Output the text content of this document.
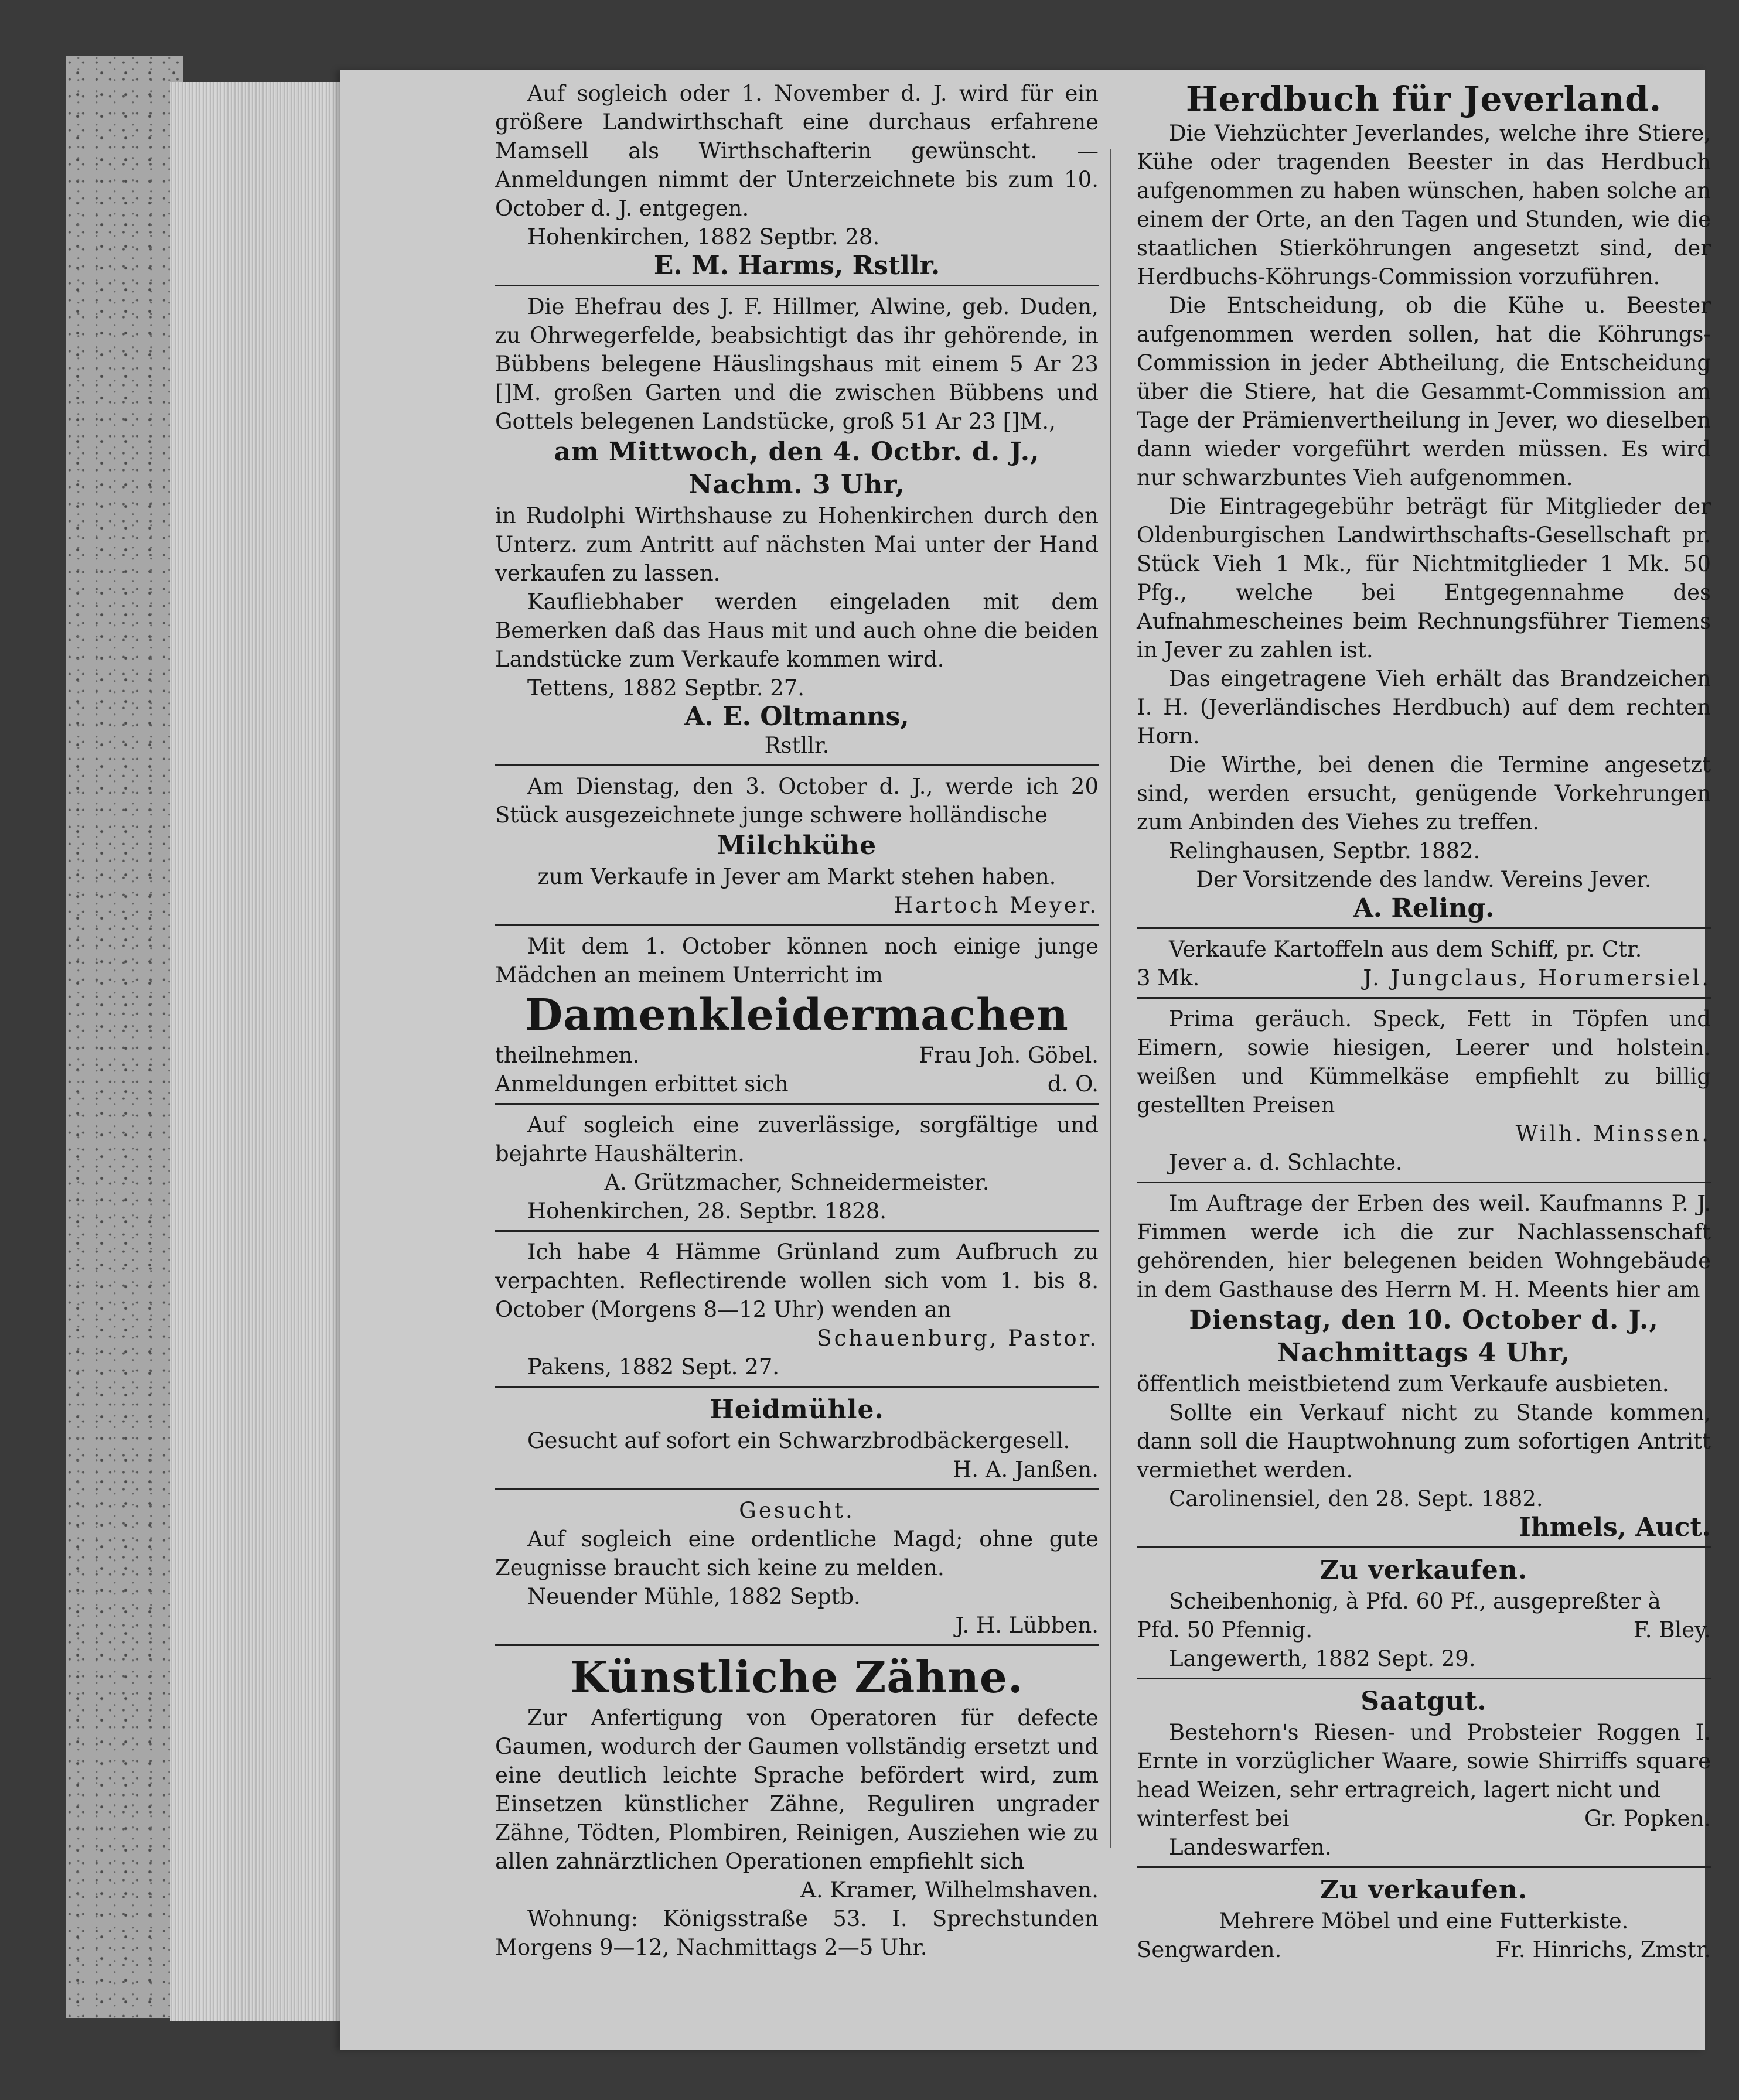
Auf sogleich oder 1. November d. J. wird für ein größere Landwirthschaft eine durchaus erfahrene Mamsell als Wirthschafterin gewünscht. — Anmeldungen nimmt der Unterzeichnete bis zum 10. October d. J. entgegen.

Hohenkirchen, 1882 Septbr. 28.

E. M. Harms, Rstllr.

Die Ehefrau des J. F. Hillmer, Alwine, geb. Duden, zu Ohrwegerfelde, beabsichtigt das ihr gehörende, in Bübbens belegene Häuslingshaus mit einem 5 Ar 23 []M. großen Garten und die zwischen Bübbens und Gottels belegenen Landstücke, groß 51 Ar 23 []M.,

am Mittwoch, den 4. Octbr. d. J.,

Nachm. 3 Uhr,

in Rudolphi Wirthshause zu Hohenkirchen durch den Unterz. zum Antritt auf nächsten Mai unter der Hand verkaufen zu lassen.

Kaufliebhaber werden eingeladen mit dem Bemerken daß das Haus mit und auch ohne die beiden Landstücke zum Verkaufe kommen wird.

Tettens, 1882 Septbr. 27.

A. E. Oltmanns,

Rstllr.

Am Dienstag, den 3. October d. J., werde ich 20 Stück ausgezeichnete junge schwere holländische

Milchkühe

zum Verkaufe in Jever am Markt stehen haben.

Hartoch Meyer.

Mit dem 1. October können noch einige junge Mädchen an meinem Unterricht im

Damenkleidermachen

theilnehmen.	Frau Joh. Göbel.

Anmeldungen erbittet sich	d. O.

Auf sogleich eine zuverlässige, sorgfältige und bejahrte Haushälterin.

A. Grützmacher, Schneidermeister.

Hohenkirchen, 28. Septbr. 1828.

Ich habe 4 Hämme Grünland zum Aufbruch zu verpachten. Reflectirende wollen sich vom 1. bis 8. October (Morgens 8—12 Uhr) wenden an

Schauenburg, Pastor.

Pakens, 1882 Sept. 27.

Heidmühle.

Gesucht auf sofort ein Schwarzbrodbäckergesell.

H. A. Janßen.

Gesucht.

Auf sogleich eine ordentliche Magd; ohne gute Zeugnisse braucht sich keine zu melden.

Neuender Mühle, 1882 Septb.

J. H. Lübben.

Künstliche Zähne.

Zur Anfertigung von Operatoren für defecte Gaumen, wodurch der Gaumen vollständig ersetzt und eine deutlich leichte Sprache befördert wird, zum Einsetzen künstlicher Zähne, Reguliren ungrader Zähne, Tödten, Plombiren, Reinigen, Ausziehen wie zu allen zahnärztlichen Operationen empfiehlt sich

A. Kramer, Wilhelmshaven.

Wohnung: Königsstraße 53. I. Sprechstunden Morgens 9—12, Nachmittags 2—5 Uhr.

Herdbuch für Jeverland.

Die Viehzüchter Jeverlandes, welche ihre Stiere, Kühe oder tragenden Beester in das Herdbuch aufgenommen zu haben wünschen, haben solche an einem der Orte, an den Tagen und Stunden, wie die staatlichen Stierköhrungen angesetzt sind, der Herdbuchs-Köhrungs-Commission vorzuführen.

Die Entscheidung, ob die Kühe u. Beester aufgenommen werden sollen, hat die Köhrungs-Commission in jeder Abtheilung, die Entscheidung über die Stiere, hat die Gesammt-Commission am Tage der Prämienvertheilung in Jever, wo dieselben dann wieder vorgeführt werden müssen. Es wird nur schwarzbuntes Vieh aufgenommen.

Die Eintragegebühr beträgt für Mitglieder der Oldenburgischen Landwirthschafts-Gesellschaft pr. Stück Vieh 1 Mk., für Nichtmitglieder 1 Mk. 50 Pfg., welche bei Entgegennahme des Aufnahmescheines beim Rechnungsführer Tiemens in Jever zu zahlen ist.

Das eingetragene Vieh erhält das Brandzeichen I. H. (Jeverländisches Herdbuch) auf dem rechten Horn.

Die Wirthe, bei denen die Termine angesetzt sind, werden ersucht, genügende Vorkehrungen zum Anbinden des Viehes zu treffen.

Relinghausen, Septbr. 1882.

Der Vorsitzende des landw. Vereins Jever.

A. Reling.

Verkaufe Kartoffeln aus dem Schiff, pr. Ctr.

3 Mk.	J. Jungclaus, Horumersiel.

Prima geräuch. Speck, Fett in Töpfen und Eimern, sowie hiesigen, Leerer und holstein. weißen und Kümmelkäse empfiehlt zu billig gestellten Preisen

Wilh. Minssen.

Jever a. d. Schlachte.

Im Auftrage der Erben des weil. Kaufmanns P. J. Fimmen werde ich die zur Nachlassenschaft gehörenden, hier belegenen beiden Wohngebäude in dem Gasthause des Herrn M. H. Meents hier am

Dienstag, den 10. October d. J.,

Nachmittags 4 Uhr,

öffentlich meistbietend zum Verkaufe ausbieten.

Sollte ein Verkauf nicht zu Stande kommen, dann soll die Hauptwohnung zum sofortigen Antritt vermiethet werden.

Carolinensiel, den 28. Sept. 1882.

Ihmels, Auct.

Zu verkaufen.

Scheibenhonig, à Pfd. 60 Pf., ausgepreßter à

Pfd. 50 Pfennig.	F. Bley.

Langewerth, 1882 Sept. 29.

Saatgut.

Bestehorn's Riesen- und Probsteier Roggen I. Ernte in vorzüglicher Waare, sowie Shirriffs square head Weizen, sehr ertragreich, lagert nicht und

winterfest bei	Gr. Popken.

Landeswarfen.

Zu verkaufen.

Mehrere Möbel und eine Futterkiste.

Sengwarden.	Fr. Hinrichs, Zmstr.
